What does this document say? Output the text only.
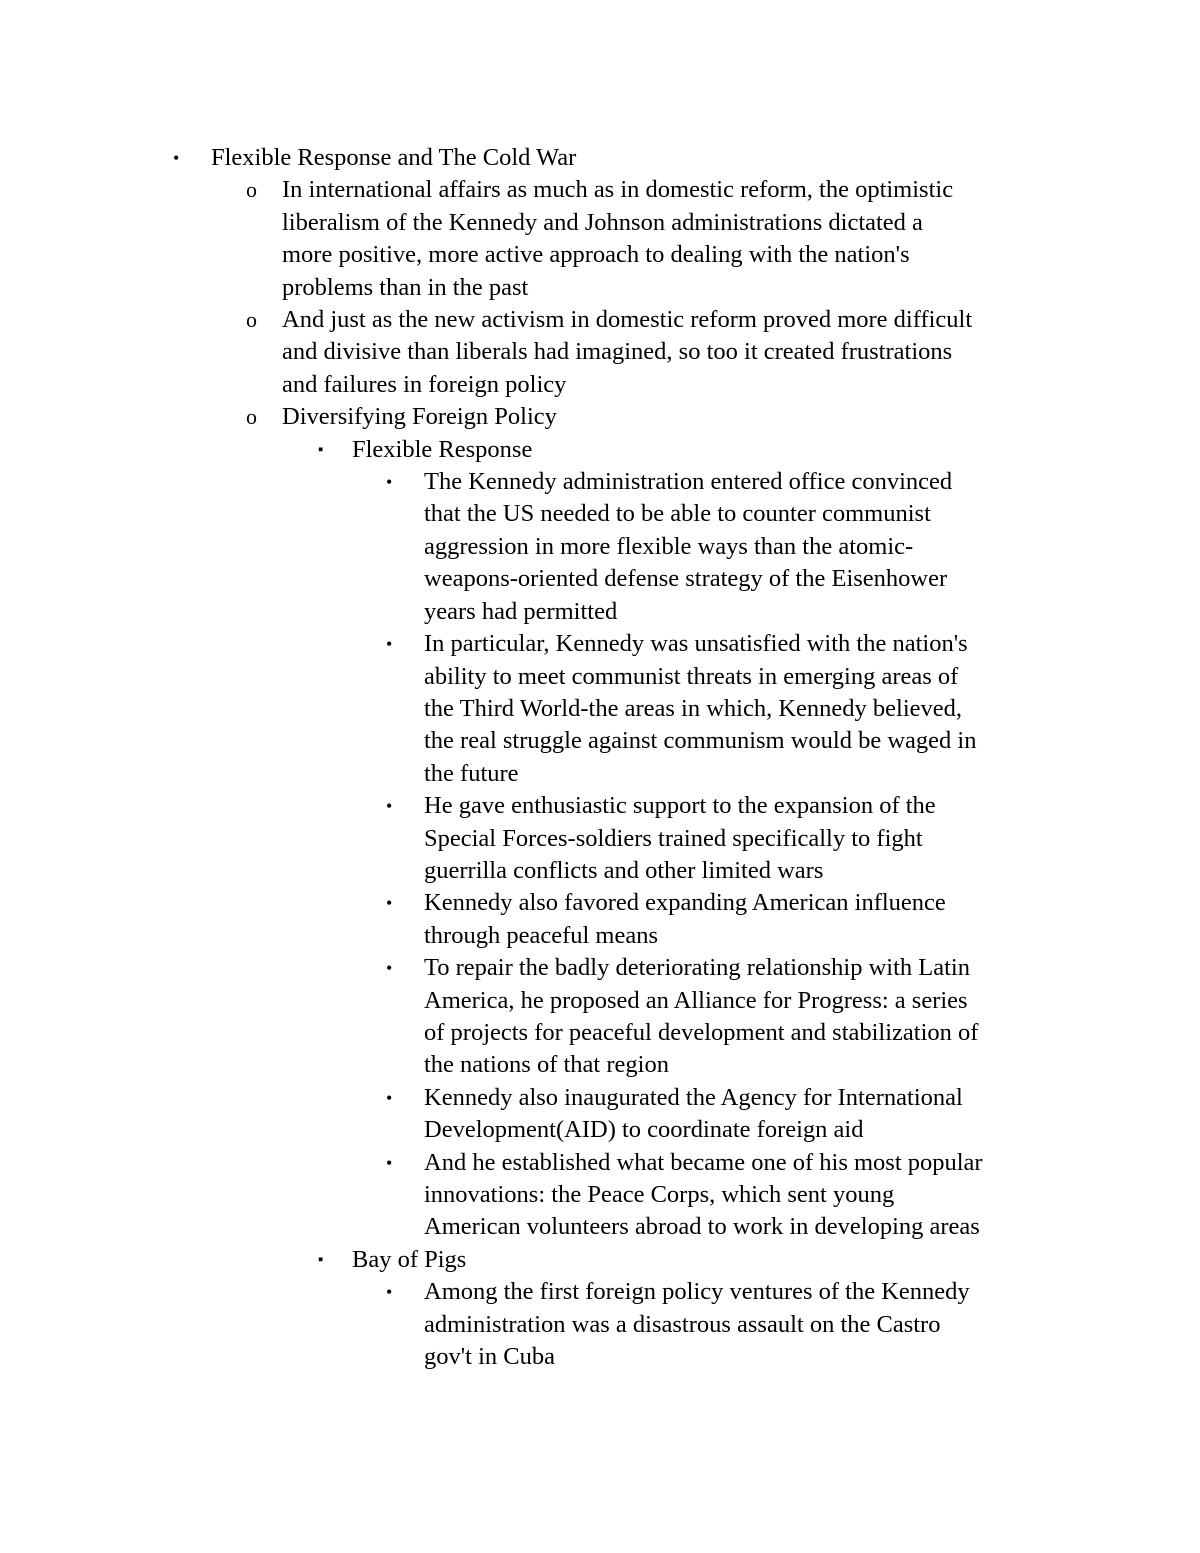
• Flexible Response and The Cold War
o In international affairs as much as in domestic reform, the optimistic
liberalism of the Kennedy and Johnson administrations dictated a
more positive, more active approach to dealing with the nation's
problems than in the past
o And just as the new activism in domestic reform proved more difficult
and divisive than liberals had imagined, so too it created frustrations
and failures in foreign policy
o Diversifying Foreign Policy
▪ Flexible Response
• The Kennedy administration entered office convinced
that the US needed to be able to counter communist
aggression in more flexible ways than the atomic-
weapons-oriented defense strategy of the Eisenhower
years had permitted
• In particular, Kennedy was unsatisfied with the nation's
ability to meet communist threats in emerging areas of
the Third World-the areas in which, Kennedy believed,
the real struggle against communism would be waged in
the future
• He gave enthusiastic support to the expansion of the
Special Forces-soldiers trained specifically to fight
guerrilla conflicts and other limited wars
• Kennedy also favored expanding American influence
through peaceful means
• To repair the badly deteriorating relationship with Latin
America, he proposed an Alliance for Progress: a series
of projects for peaceful development and stabilization of
the nations of that region
• Kennedy also inaugurated the Agency for International
Development(AID) to coordinate foreign aid
• And he established what became one of his most popular
innovations: the Peace Corps, which sent young
American volunteers abroad to work in developing areas
▪ Bay of Pigs
• Among the first foreign policy ventures of the Kennedy
administration was a disastrous assault on the Castro
gov't in Cuba
